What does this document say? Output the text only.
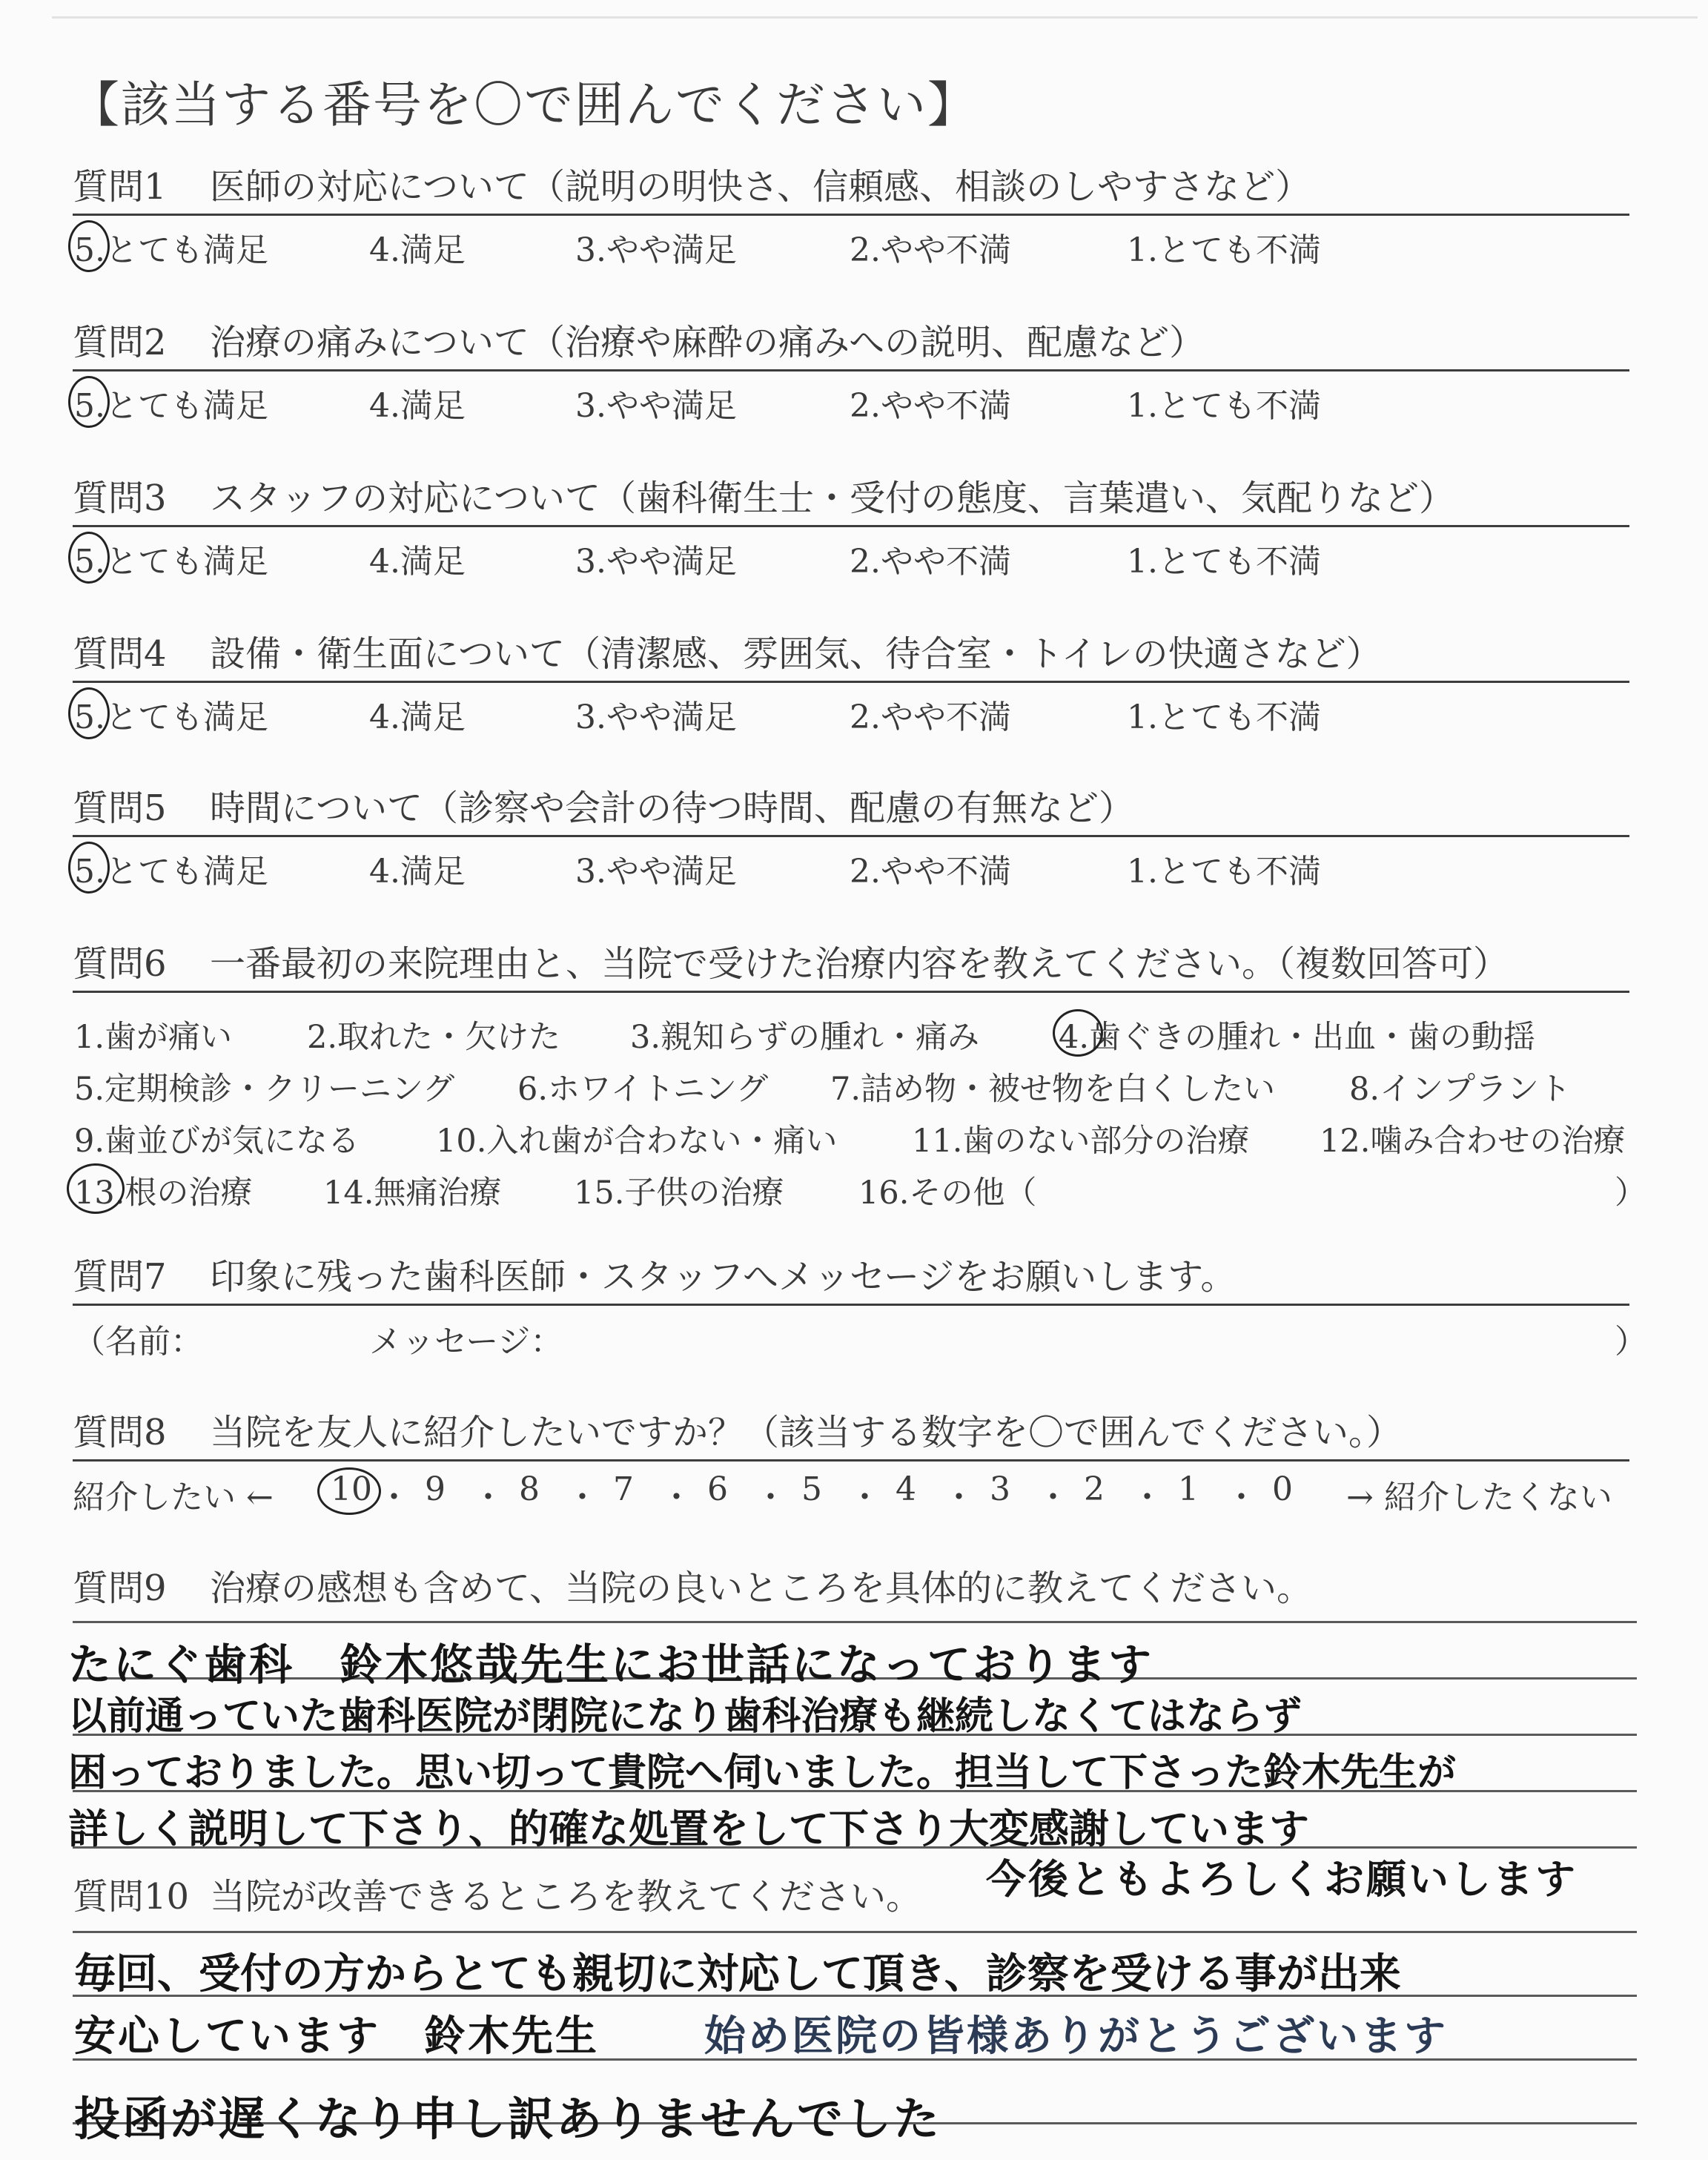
【該当する番号を〇で囲んでください】
質問1 医師の対応について（説明の明快さ、信頼感、相談のしやすさなど）
5.とても満足	4.満足	3.やや満足	2.やや不満	1.とても不満
質問2 治療の痛みについて（治療や麻酔の痛みへの説明、配慮など）
5.とても満足	4.満足	3.やや満足	2.やや不満	1.とても不満
質問3 スタッフの対応について（歯科衛生士・受付の態度、言葉遣い、気配りなど）
5.とても満足	4.満足	3.やや満足	2.やや不満	1.とても不満
質問4 設備・衛生面について（清潔感、雰囲気、待合室・トイレの快適さなど）
5.とても満足	4.満足	3.やや満足	2.やや不満	1.とても不満
質問5 時間について（診察や会計の待つ時間、配慮の有無など）
5.とても満足	4.満足	3.やや満足	2.やや不満	1.とても不満
質問6 一番最初の来院理由と、当院で受けた治療内容を教えてください。（複数回答可）
1.歯が痛い 2.取れた・欠けた 3.親知らずの腫れ・痛み 4.歯ぐきの腫れ・出血・歯の動揺
5.定期検診・クリーニング 6.ホワイトニング 7.詰め物・被せ物を白くしたい 8.インプラント
9.歯並びが気になる 10.入れ歯が合わない・痛い 11.歯のない部分の治療 12.噛み合わせの治療
13.根の治療 14.無痛治療 15.子供の治療 16.その他（	）
質問7 印象に残った歯科医師・スタッフへメッセージをお願いします。
（名前：	メッセージ：	）
質問8 当院を友人に紹介したいですか？（該当する数字を〇で囲んでください。）
紹介したい ←	→ 紹介したくない
10 ・ 9 ・ 8 ・ 7 ・ 6 ・ 5 ・ 4 ・ 3 ・ 2 ・ 1 ・ 0
質問9 治療の感想も含めて、当院の良いところを具体的に教えてください。
たにぐ歯科　鈴木悠哉先生にお世話になっております
以前通っていた歯科医院が閉院になり歯科治療も継続しなくてはならず
困っておりました。思い切って貴院へ伺いました。担当して下さった鈴木先生が
詳しく説明して下さり、的確な処置をして下さり大変感謝しています
今後ともよろしくお願いします
質問10 当院が改善できるところを教えてください。
毎回、受付の方からとても親切に対応して頂き、診察を受ける事が出来
安心しています　鈴木先生	始め医院の皆様ありがとうございます
投函が遅くなり申し訳ありませんでした
